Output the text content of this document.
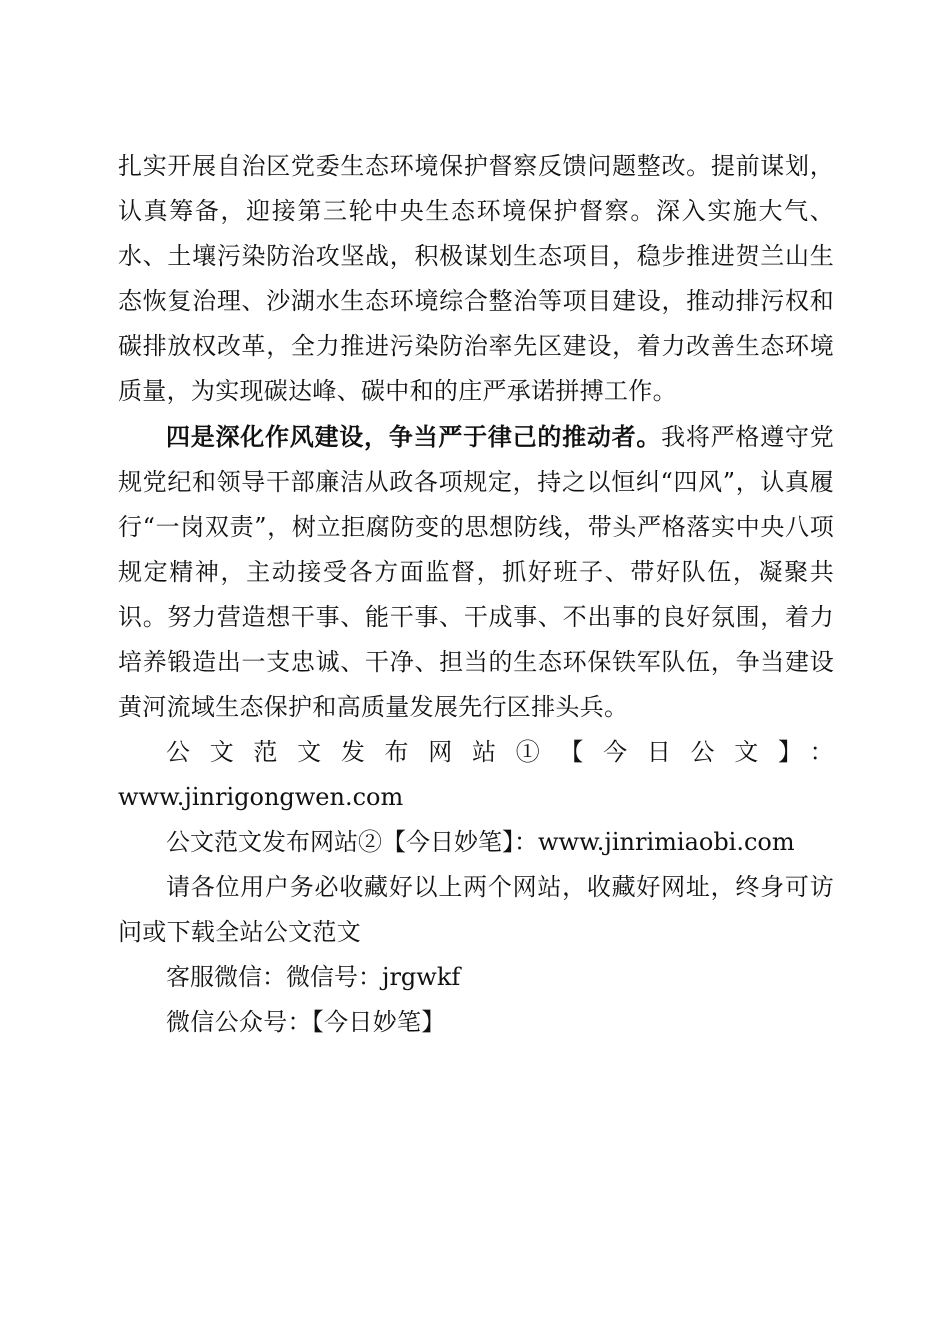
扎实开展自治区党委生态环境保护督察反馈问题整改。提前谋划，认真筹备，迎接第三轮中央生态环境保护督察。深入实施大气、水、土壤污染防治攻坚战，积极谋划生态项目，稳步推进贺兰山生态恢复治理、沙湖水生态环境综合整治等项目建设，推动排污权和碳排放权改革，全力推进污染防治率先区建设，着力改善生态环境质量，为实现碳达峰、碳中和的庄严承诺拼搏工作。

四是深化作风建设，争当严于律己的推动者。我将严格遵守党规党纪和领导干部廉洁从政各项规定，持之以恒纠“四风”，认真履行“一岗双责”，树立拒腐防变的思想防线，带头严格落实中央八项规定精神，主动接受各方面监督，抓好班子、带好队伍，凝聚共识。努力营造想干事、能干事、干成事、不出事的良好氛围，着力培养锻造出一支忠诚、干净、担当的生态环保铁军队伍，争当建设黄河流域生态保护和高质量发展先行区排头兵。

公文范文发布网站①【今日公文】：

www.jinrigongwen.com

公文范文发布网站②【今日妙笔】：www.jinrimiaobi.com

请各位用户务必收藏好以上两个网站，收藏好网址，终身可访问或下载全站公文范文

客服微信：微信号：jrgwkf

微信公众号：【今日妙笔】
